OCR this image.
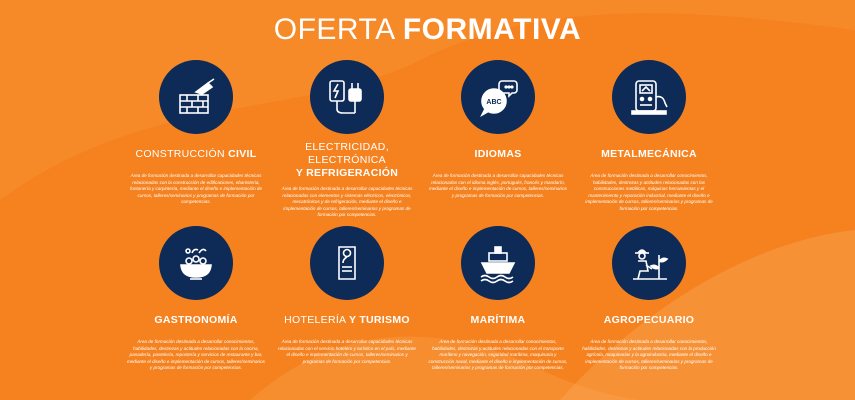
OFERTA FORMATIVA
CONSTRUCCIÓN CIVIL
Área de formación destinada a desarrollar capacidades técnicas relacionadas con la construcción de edificaciones, ebanistería, fontanería y carpintería, mediante el diseño e implementación de cursos, talleres/seminarios y programas de formación por competencias.
ELECTRICIDAD, ELECTRÓNICA
Y REFRIGERACIÓN
Área de formación destinada a desarrollar capacidades técnicas relacionadas con elementos y sistemas eléctricos, electrónicos, mecatrónicos y de refrigeración, mediante el diseño e implementación de cursos, talleres/seminarios y programas de formación por competencias.
ABC
IDIOMAS
Área de formación destinada a desarrollar capacidades técnicas relacionadas con el idioma inglés, portugués, francés y mandarín, mediante el diseño e implementación de cursos, talleres/seminarios y programas de formación por competencias.
METALMECÁNICA
Área de formación destinada a desarrollar conocimientos, habilidades, destrezas y actitudes relacionadas con las construcciones metálicas, máquinas herramientas y el mantenimiento y reparación industrial, mediante el diseño e implementación de cursos, talleres/seminarios y programas de formación por competencias.
GASTRONOMÍA
Área de formación destinada a desarrollar conocimientos, habilidades, destrezas y actitudes relacionadas con la cocina, panadería, pastelería, repostería y servicios de restaurante y bar, mediante el diseño e implementación de cursos, talleres/seminarios y programas de formación por competencias.
HOTELERÍA Y TURISMO
Área de formación destinada a desarrollar capacidades técnicas relacionadas con el servicio hotelero y turístico en el país, mediante el diseño e implementación de cursos, talleres/seminarios y programas de formación por competencias.
MARÍTIMA
Área de formación destinada a desarrollar conocimientos, habilidades, destrezas y actitudes relacionadas con el transporte marítimo y navegación, seguridad marítima, maquinaria y construcción naval, mediante el diseño e implementación de cursos, talleres/seminarios y programas de formación por competencias.
AGROPECUARIO
Área de formación destinada a desarrollar conocimientos, habilidades, destrezas y actitudes relacionadas con la producción agrícola, maquinarias y la agroindustria, mediante el diseño e implementación de cursos, talleres/seminarios y programas de formación por competencias.
